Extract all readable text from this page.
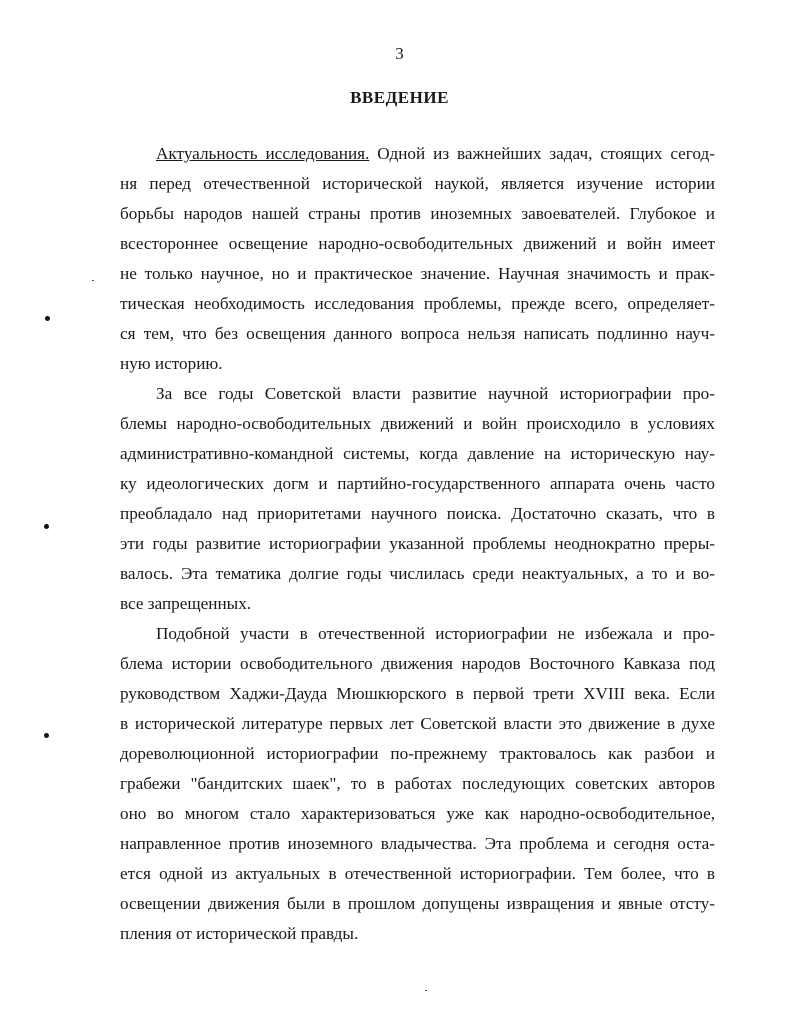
3
ВВЕДЕНИЕ
Актуальность исследования. Одной из важнейших задач, стоящих сегод-
ня перед отечественной исторической наукой, является изучение истории
борьбы народов нашей страны против иноземных завоевателей. Глубокое и
всестороннее освещение народно-освободительных движений и войн имеет
не только научное, но и практическое значение. Научная значимость и прак-
тическая необходимость исследования проблемы, прежде всего, определяет-
ся тем, что без освещения данного вопроса нельзя написать подлинно науч-
ную историю.
За все годы Советской власти развитие научной историографии про-
блемы народно-освободительных движений и войн происходило в условиях
административно-командной системы, когда давление на историческую нау-
ку идеологических догм и партийно-государственного аппарата очень часто
преобладало над приоритетами научного поиска. Достаточно сказать, что в
эти годы развитие историографии указанной проблемы неоднократно преры-
валось. Эта тематика долгие годы числилась среди неактуальных, а то и во-
все запрещенных.
Подобной участи в отечественной историографии не избежала и про-
блема истории освободительного движения народов Восточного Кавказа под
руководством Хаджи-Дауда Мюшкюрского в первой трети XVIII века. Если
в исторической литературе первых лет Советской власти это движение в духе
дореволюционной историографии по-прежнему трактовалось как разбои и
грабежи "бандитских шаек", то в работах последующих советских авторов
оно во многом стало характеризоваться уже как народно-освободительное,
направленное против иноземного владычества. Эта проблема и сегодня оста-
ется одной из актуальных в отечественной историографии. Тем более, что в
освещении движения были в прошлом допущены извращения и явные отсту-
пления от исторической правды.
